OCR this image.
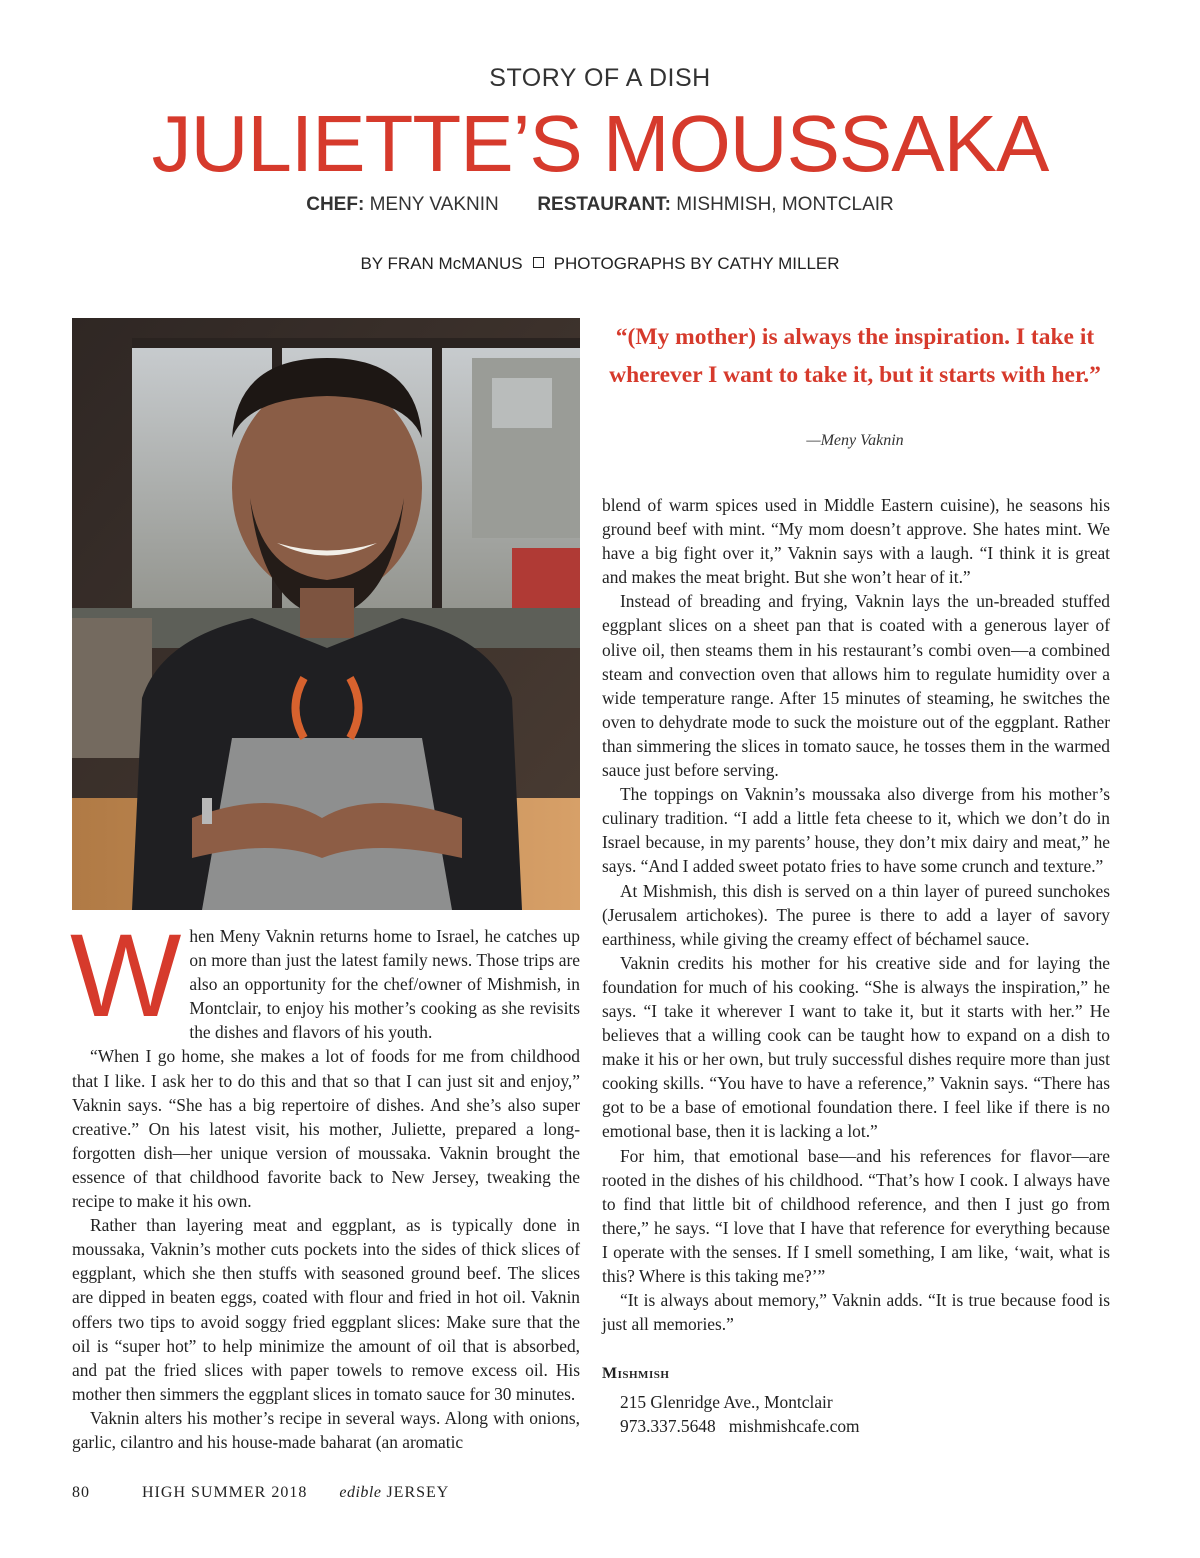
STORY OF A DISH
JULIETTE’S MOUSSAKA
CHEF: MENY VAKNIN RESTAURANT: MISHMISH, MONTCLAIR
BY FRAN McMANUS PHOTOGRAPHS BY CATHY MILLER
“(My mother) is always the inspiration. I take it wherever I want to take it, but it starts with her.”
—Meny Vaknin

When Meny Vaknin returns home to Israel, he catches up on more than just the latest family news. Those trips are also an opportunity for the chef/owner of Mishmish, in Montclair, to enjoy his mother’s cooking as she revisits the dishes and flavors of his youth.

“When I go home, she makes a lot of foods for me from childhood that I like. I ask her to do this and that so that I can just sit and enjoy,” Vaknin says. “She has a big repertoire of dishes. And she’s also super creative.” On his latest visit, his mother, Juliette, prepared a long-forgotten dish—her unique version of moussaka. Vaknin brought the essence of that childhood favorite back to New Jersey, tweaking the recipe to make it his own.

Rather than layering meat and eggplant, as is typically done in moussaka, Vaknin’s mother cuts pockets into the sides of thick slices of eggplant, which she then stuffs with seasoned ground beef. The slices are dipped in beaten eggs, coated with flour and fried in hot oil. Vaknin offers two tips to avoid soggy fried eggplant slices: Make sure that the oil is “super hot” to help minimize the amount of oil that is absorbed, and pat the fried slices with paper towels to remove excess oil. His mother then simmers the eggplant slices in tomato sauce for 30 minutes.

Vaknin alters his mother’s recipe in several ways. Along with onions, garlic, cilantro and his house-made baharat (an aromatic

blend of warm spices used in Middle Eastern cuisine), he seasons his ground beef with mint. “My mom doesn’t approve. She hates mint. We have a big fight over it,” Vaknin says with a laugh. “I think it is great and makes the meat bright. But she won’t hear of it.”

Instead of breading and frying, Vaknin lays the un-breaded stuffed eggplant slices on a sheet pan that is coated with a generous layer of olive oil, then steams them in his restaurant’s combi oven—a combined steam and convection oven that allows him to regulate humidity over a wide temperature range. After 15 minutes of steaming, he switches the oven to dehydrate mode to suck the moisture out of the eggplant. Rather than simmering the slices in tomato sauce, he tosses them in the warmed sauce just before serving.

The toppings on Vaknin’s moussaka also diverge from his mother’s culinary tradition. “I add a little feta cheese to it, which we don’t do in Israel because, in my parents’ house, they don’t mix dairy and meat,” he says. “And I added sweet potato fries to have some crunch and texture.”

At Mishmish, this dish is served on a thin layer of pureed sunchokes (Jerusalem artichokes). The puree is there to add a layer of savory earthiness, while giving the creamy effect of béchamel sauce.

Vaknin credits his mother for his creative side and for laying the foundation for much of his cooking. “She is always the inspiration,” he says. “I take it wherever I want to take it, but it starts with her.” He believes that a willing cook can be taught how to expand on a dish to make it his or her own, but truly successful dishes require more than just cooking skills. “You have to have a reference,” Vaknin says. “There has got to be a base of emotional foundation there. I feel like if there is no emotional base, then it is lacking a lot.”

For him, that emotional base—and his references for flavor—are rooted in the dishes of his childhood. “That’s how I cook. I always have to find that little bit of childhood reference, and then I just go from there,” he says. “I love that I have that reference for everything because I operate with the senses. If I smell something, I am like, ‘wait, what is this? Where is this taking me?’”

“It is always about memory,” Vaknin adds. “It is true because food is just all memories.”

Mishmish
215 Glenridge Ave., Montclair
973.337.5648 mishmishcafe.com
80	HIGH SUMMER 2018 edible JERSEY
